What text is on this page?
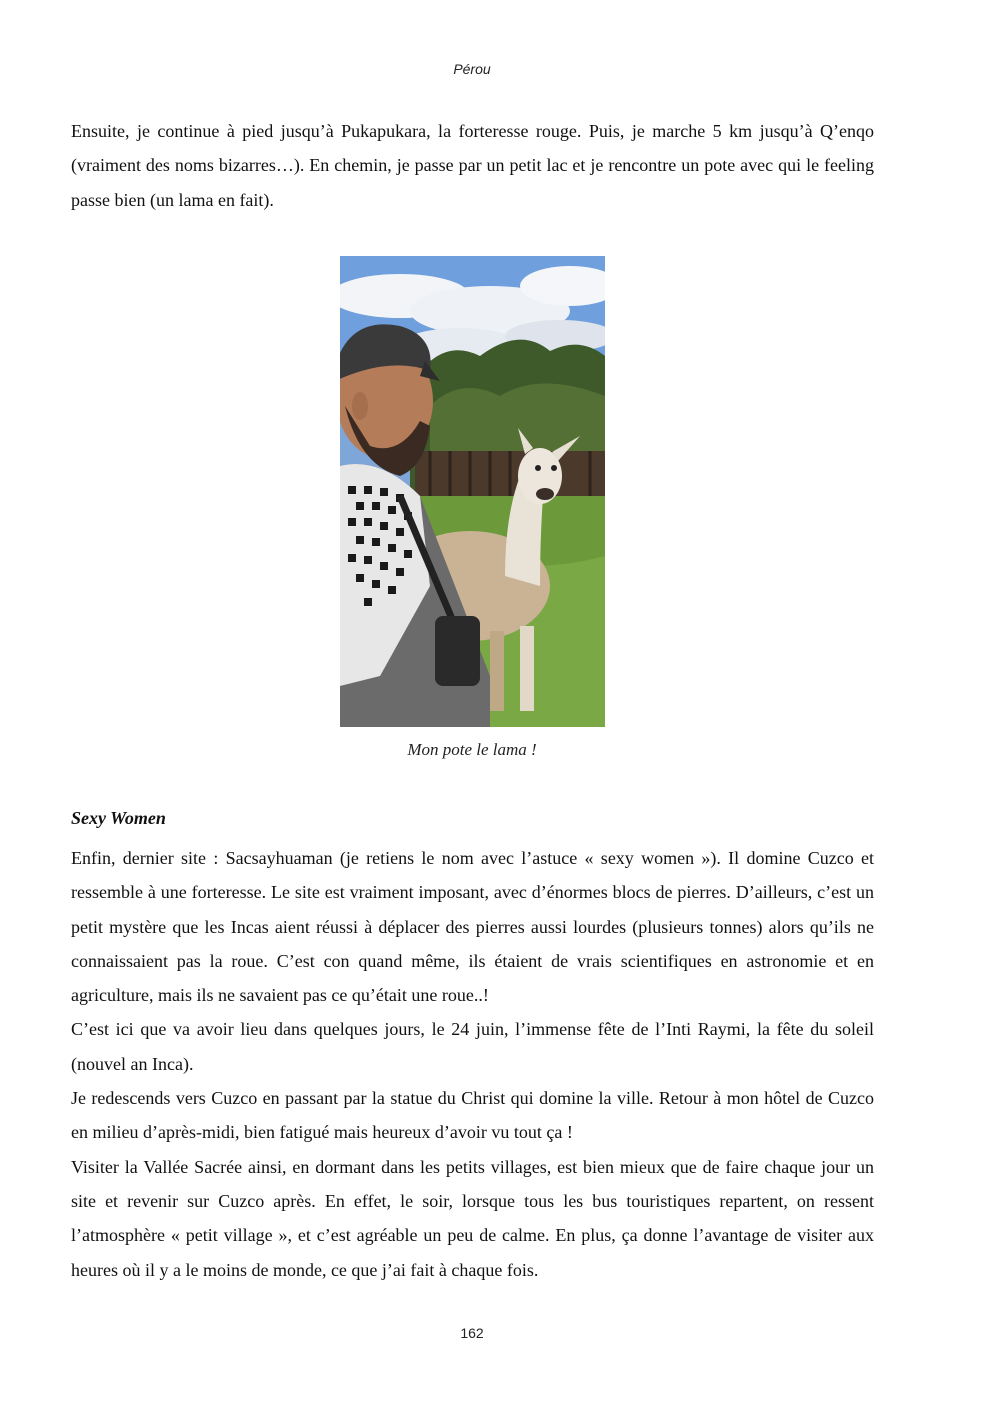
Pérou

Ensuite, je continue à pied jusqu’à Pukapukara, la forteresse rouge. Puis, je marche 5 km jusqu’à Q’enqo (vraiment des noms bizarres…). En chemin, je passe par un petit lac et je rencontre un pote avec qui le feeling passe bien (un lama en fait).

Mon pote le lama !
Sexy Women
Enfin, dernier site : Sacsayhuaman (je retiens le nom avec l’astuce « sexy women »). Il domine Cuzco et ressemble à une forteresse. Le site est vraiment imposant, avec d’énormes blocs de pierres. D’ailleurs, c’est un petit mystère que les Incas aient réussi à déplacer des pierres aussi lourdes (plusieurs tonnes) alors qu’ils ne connaissaient pas la roue. C’est con quand même, ils étaient de vrais scientifiques en astronomie et en agriculture, mais ils ne savaient pas ce qu’était une roue..!
C’est ici que va avoir lieu dans quelques jours, le 24 juin, l’immense fête de l’Inti Raymi, la fête du soleil (nouvel an Inca).
Je redescends vers Cuzco en passant par la statue du Christ qui domine la ville. Retour à mon hôtel de Cuzco en milieu d’après-midi, bien fatigué mais heureux d’avoir vu tout ça !
Visiter la Vallée Sacrée ainsi, en dormant dans les petits villages, est bien mieux que de faire chaque jour un site et revenir sur Cuzco après. En effet, le soir, lorsque tous les bus touristiques repartent, on ressent l’atmosphère « petit village », et c’est agréable un peu de calme. En plus, ça donne l’avantage de visiter aux heures où il y a le moins de monde, ce que j’ai fait à chaque fois.
162
